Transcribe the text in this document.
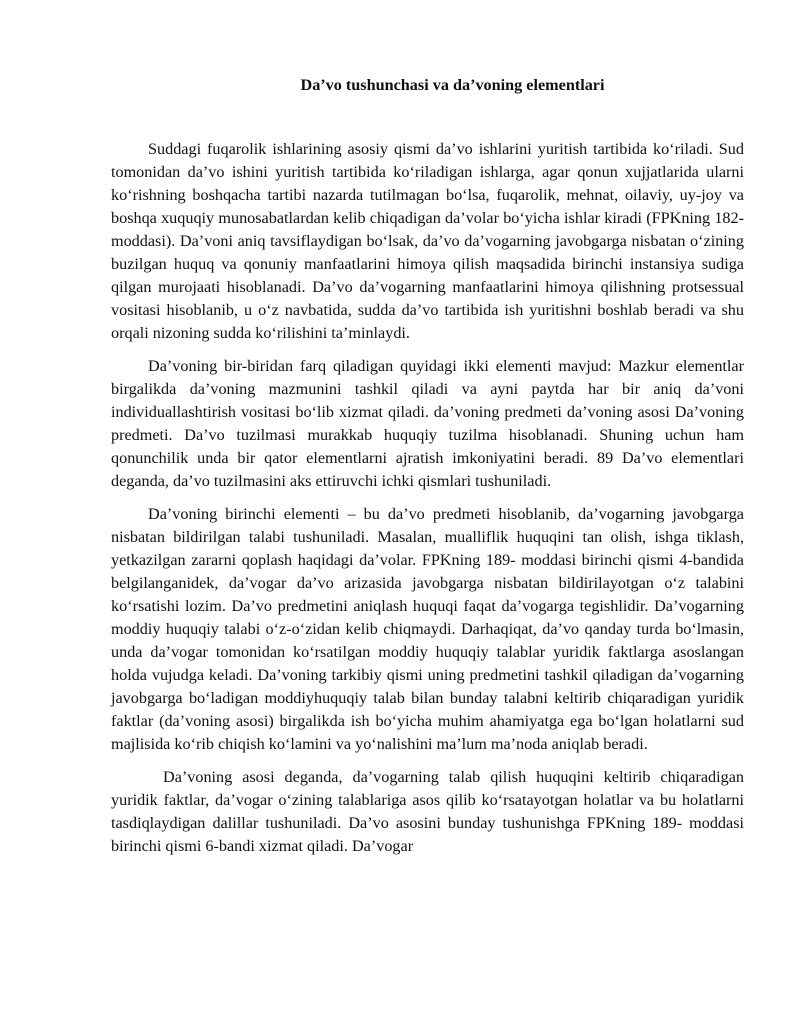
Da’vo tushunchasi va da’voning elementlari

Suddagi fuqarolik ishlarining asosiy qismi da’vo ishlarini yuritish tartibida ko‘riladi. Sud tomonidan da’vo ishini yuritish tartibida ko‘riladigan ishlarga, agar qonun xujjatlarida ularni ko‘rishning boshqacha tartibi nazarda tutilmagan bo‘lsa, fuqarolik, mehnat, oilaviy, uy-joy va boshqa xuquqiy munosabatlardan kelib chiqadigan da’volar bo‘yicha ishlar kiradi (FPKning 182-moddasi). Da’voni aniq tavsiflaydigan bo‘lsak, da’vo da’vogarning javobgarga nisbatan o‘zining buzilgan huquq va qonuniy manfaatlarini himoya qilish maqsadida birinchi instansiya sudiga qilgan murojaati hisoblanadi. Da’vo da’vogarning manfaatlarini himoya qilishning protsessual vositasi hisoblanib, u o‘z navbatida, sudda da’vo tartibida ish yuritishni boshlab beradi va shu orqali nizoning sudda ko‘rilishini ta’minlaydi.

Da’voning bir-biridan farq qiladigan quyidagi ikki elementi mavjud: Mazkur elementlar birgalikda da’voning mazmunini tashkil qiladi va ayni paytda har bir aniq da’voni individuallashtirish vositasi bo‘lib xizmat qiladi. da’voning predmeti da’voning asosi Da’voning predmeti. Da’vo tuzilmasi murakkab huquqiy tuzilma hisoblanadi. Shuning uchun ham qonunchilik unda bir qator elementlarni ajratish imkoniyatini beradi. 89 Da’vo elementlari deganda, da’vo tuzilmasini aks ettiruvchi ichki qismlari tushuniladi.

Da’voning birinchi elementi – bu da’vo predmeti hisoblanib, da’vogarning javobgarga nisbatan bildirilgan talabi tushuniladi. Masalan, mualliflik huquqini tan olish, ishga tiklash, yetkazilgan zararni qoplash haqidagi da’volar. FPKning 189- moddasi birinchi qismi 4-bandida belgilanganidek, da’vogar da’vo arizasida javobgarga nisbatan bildirilayotgan o‘z talabini ko‘rsatishi lozim. Da’vo predmetini aniqlash huquqi faqat da’vogarga tegishlidir. Da’vogarning moddiy huquqiy talabi o‘z-o‘zidan kelib chiqmaydi. Darhaqiqat, da’vo qanday turda bo‘lmasin, unda da’vogar tomonidan ko‘rsatilgan moddiy huquqiy talablar yuridik faktlarga asoslangan holda vujudga keladi. Da’voning tarkibiy qismi uning predmetini tashkil qiladigan da’vogarning javobgarga bo‘ladigan moddiyhuquqiy talab bilan bunday talabni keltirib chiqaradigan yuridik faktlar (da’voning asosi) birgalikda ish bo‘yicha muhim ahamiyatga ega bo‘lgan holatlarni sud majlisida ko‘rib chiqish ko‘lamini va yo‘nalishini ma’lum ma’noda aniqlab beradi.

Da’voning asosi deganda, da’vogarning talab qilish huquqini keltirib chiqaradigan yuridik faktlar, da’vogar o‘zining talablariga asos qilib ko‘rsatayotgan holatlar va bu holatlarni tasdiqlaydigan dalillar tushuniladi. Da’vo asosini bunday tushunishga FPKning 189- moddasi birinchi qismi 6-bandi xizmat qiladi. Da’vogar
